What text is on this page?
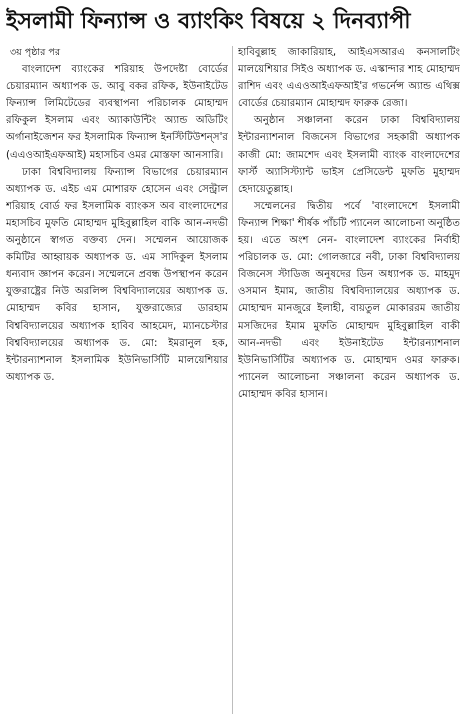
ইসলামী ফিন্যান্স ও ব্যাংকিং বিষয়ে ২ দিনব্যাপী

৩য় পৃষ্ঠার পর

বাংলাদেশ ব্যাংকের শরিয়াহ উপদেষ্টা বোর্ডের চেয়ারম্যান অধ্যাপক ড. আবু বকর রফিক, ইউনাইটেড ফিন্যান্স লিমিটেডের ব্যবস্থাপনা পরিচালক মোহাম্মদ রফিকুল ইসলাম এবং অ্যাকাউন্টিং অ্যান্ড অডিটিং অর্গানাইজেশন ফর ইসলামিক ফিন্যান্স ইনস্টিটিউশন্‌স'র (এএওআইএফআই) মহাসচিব ওমর মোস্তফা আনসারি।

ঢাকা বিশ্ববিদ্যালয় ফিন্যান্স বিভাগের চেয়ারম্যান অধ্যাপক ড. এইচ এম মোশারফ হোসেন এবং সেন্ট্রাল শরিয়াহ বোর্ড ফর ইসলামিক ব্যাংকস অব বাংলাদেশের মহাসচিব মুফতি মোহাম্মদ মুহিবুল্লাহিল বাকি আন-নদভী অনুষ্ঠানে স্বাগত বক্তব্য দেন। সম্মেলন আয়োজক কমিটির আহ্বায়ক অধ্যাপক ড. এম সাদিকুল ইসলাম ধন্যবাদ জ্ঞাপন করেন। সম্মেলনে প্রবন্ধ উপস্থাপন করেন যুক্তরাষ্ট্রের নিউ অরলিন্স বিশ্ববিদ্যালয়ের অধ্যাপক ড. মোহাম্মদ কবির হাসান, যুক্তরাজ্যের ডারহাম বিশ্ববিদ্যালয়ের অধ্যাপক হাবিব আহমেদ, ম্যানচেস্টার বিশ্ববিদ্যালয়ের অধ্যাপক ড. মো: ইমরানুল হক, ইন্টারন্যাশনাল ইসলামিক ইউনিভার্সিটি মালয়েশিয়ার অধ্যাপক ড.

হাবিবুল্লাহ জাকারিয়াহ, আইএসআরএ কনসালটিং মালয়েশিয়ার সিইও অধ্যাপক ড. এস্কান্দার শাহ মোহাম্মদ রাশিদ এবং এএওআইএফআই'র গভর্নেন্স অ্যান্ড এথিক্স বোর্ডের চেয়ারম্যান মোহাম্মদ ফারুক রেজা।

অনুষ্ঠান সঞ্চালনা করেন ঢাকা বিশ্ববিদ্যালয় ইন্টারন্যাশনাল বিজনেস বিভাগের সহকারী অধ্যাপক কাজী মো: জামশেদ এবং ইসলামী ব্যাংক বাংলাদেশের ফার্স্ট অ্যাসিস্ট্যান্ট ভাইস প্রেসিডেন্ট মুফতি মুহাম্মদ হেদায়েতুল্লাহ।

সম্মেলনের দ্বিতীয় পর্বে 'বাংলাদেশে ইসলামী ফিন্যান্স শিক্ষা' শীর্ষক পাঁচটি প্যানেল আলোচনা অনুষ্ঠিত হয়। এতে অংশ নেন- বাংলাদেশ ব্যাংকের নির্বাহী পরিচালক ড. মো: গোলজারে নবী, ঢাকা বিশ্ববিদ্যালয় বিজনেস স্টাডিজ অনুষদের ডিন অধ্যাপক ড. মাহমুদ ওসমান ইমাম, জাতীয় বিশ্ববিদ্যালয়ের অধ্যাপক ড. মোহাম্মদ মানজুরে ইলাহী, বায়তুল মোকাররম জাতীয় মসজিদের ইমাম মুফতি মোহাম্মদ মুহিবুল্লাহিল বাকী আন-নদভী এবং ইউনাইটেড ইন্টারন্যাশনাল ইউনিভার্সিটির অধ্যাপক ড. মোহাম্মদ ওমর ফারুক। প্যানেল আলোচনা সঞ্চালনা করেন অধ্যাপক ড. মোহাম্মদ কবির হাসান।
